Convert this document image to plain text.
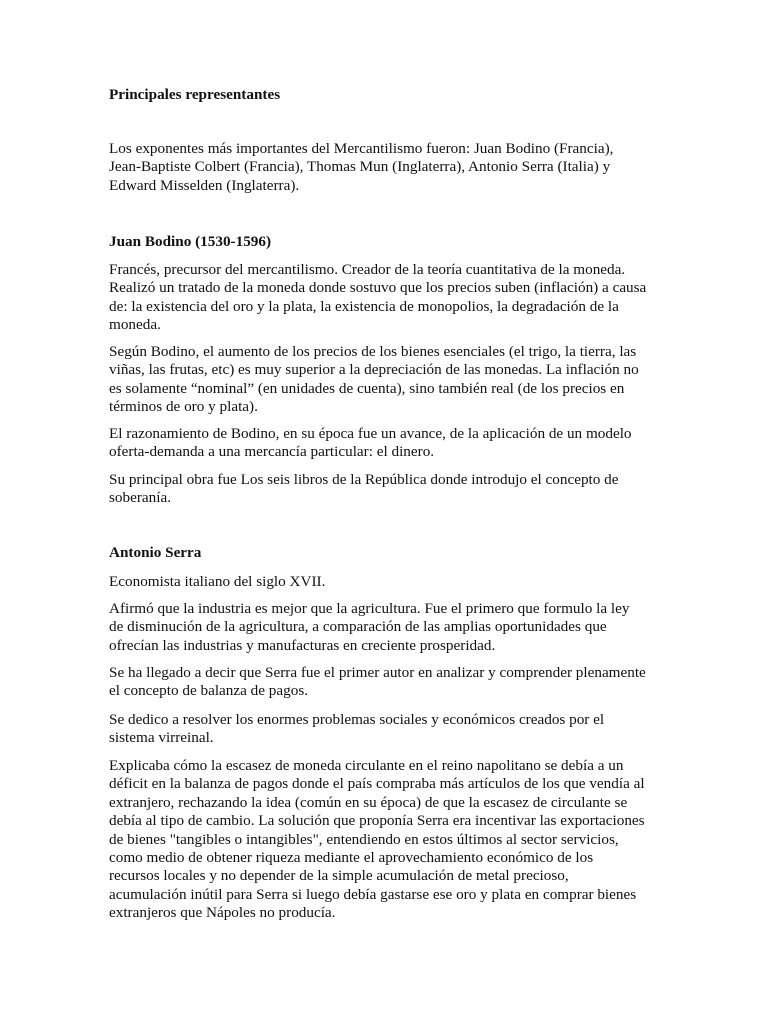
Principales representantes

Los exponentes más importantes del Mercantilismo fueron: Juan Bodino (Francia),
Jean-Baptiste Colbert (Francia), Thomas Mun (Inglaterra), Antonio Serra (Italia) y
Edward Misselden (Inglaterra).

Juan Bodino (1530-1596)

Francés, precursor del mercantilismo. Creador de la teoría cuantitativa de la moneda.
Realizó un tratado de la moneda donde sostuvo que los precios suben (inflación) a causa
de: la existencia del oro y la plata, la existencia de monopolios, la degradación de la
moneda.

Según Bodino, el aumento de los precios de los bienes esenciales (el trigo, la tierra, las
viñas, las frutas, etc) es muy superior a la depreciación de las monedas. La inflación no
es solamente “nominal” (en unidades de cuenta), sino también real (de los precios en
términos de oro y plata).

El razonamiento de Bodino, en su época fue un avance, de la aplicación de un modelo
oferta-demanda a una mercancía particular: el dinero.

Su principal obra fue Los seis libros de la República donde introdujo el concepto de
soberanía.

Antonio Serra

Economista italiano del siglo XVII.

Afirmó que la industria es mejor que la agricultura. Fue el primero que formulo la ley
de disminución de la agricultura, a comparación de las amplias oportunidades que
ofrecían las industrias y manufacturas en creciente prosperidad.

Se ha llegado a decir que Serra fue el primer autor en analizar y comprender plenamente
el concepto de balanza de pagos.

Se dedico a resolver los enormes problemas sociales y económicos creados por el
sistema virreinal.

Explicaba cómo la escasez de moneda circulante en el reino napolitano se debía a un
déficit en la balanza de pagos donde el país compraba más artículos de los que vendía al
extranjero, rechazando la idea (común en su época) de que la escasez de circulante se
debía al tipo de cambio. La solución que proponía Serra era incentivar las exportaciones
de bienes "tangibles o intangibles", entendiendo en estos últimos al sector servicios,
como medio de obtener riqueza mediante el aprovechamiento económico de los
recursos locales y no depender de la simple acumulación de metal precioso,
acumulación inútil para Serra si luego debía gastarse ese oro y plata en comprar bienes
extranjeros que Nápoles no producía.
